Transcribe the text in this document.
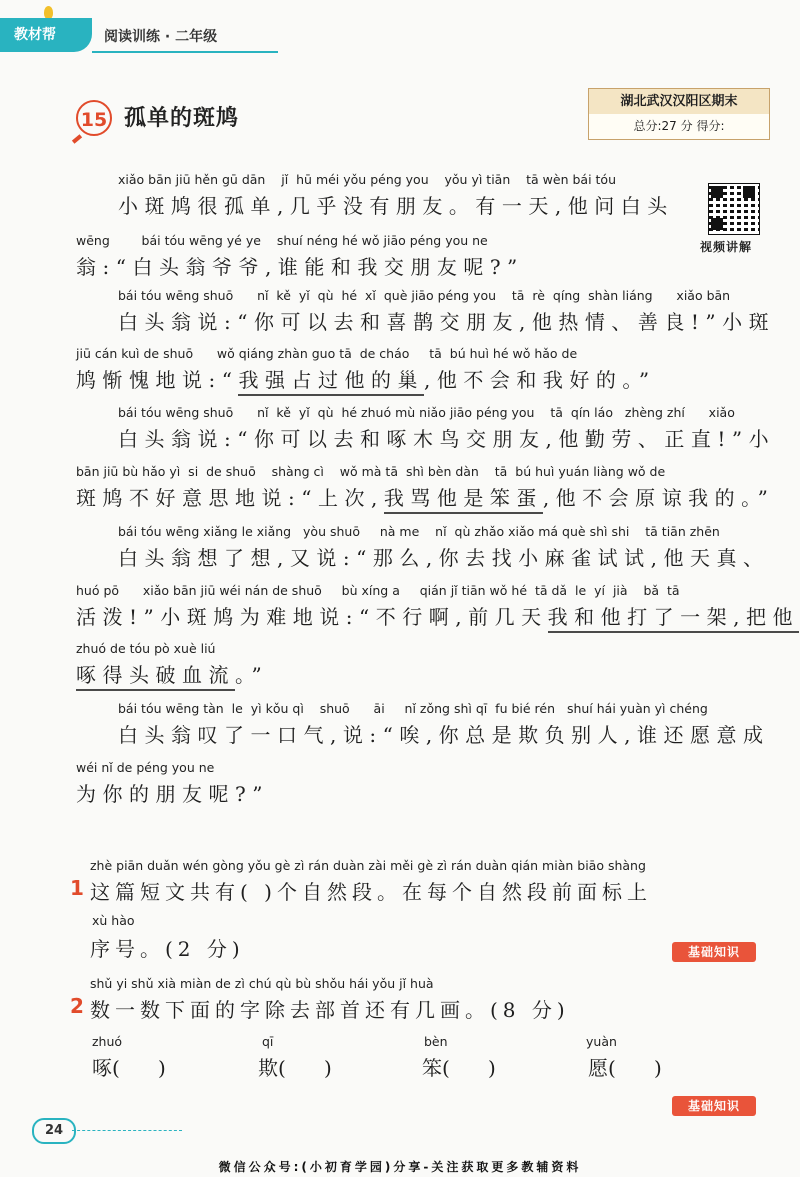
教材帮	阅读训练 · 二年级
15 孤单的斑鸠
湖北武汉汉阳区期末
总分:27 分 得分:
视频讲解
xiǎo bān jiū hěn gū dān    jǐ  hū méi yǒu péng you    yǒu yì tiān    tā wèn bái tóu
小斑鸠很孤单,几乎没有朋友。有一天,他问白头
wēng        bái tóu wēng yé ye    shuí néng hé wǒ jiāo péng you ne
翁:“白头翁爷爷,谁能和我交朋友呢?”
bái tóu wēng shuō      nǐ  kě  yǐ  qù  hé  xǐ  què jiāo péng you    tā  rè  qíng  shàn liáng      xiǎo bān
白头翁说:“你可以去和喜鹊交朋友,他热情、善良!”小斑
jiū cán kuì de shuō      wǒ qiáng zhàn guo tā  de cháo     tā  bú huì hé wǒ hǎo de
鸠惭愧地说:“我强占过他的巢,他不会和我好的。”
bái tóu wēng shuō      nǐ  kě  yǐ  qù  hé zhuó mù niǎo jiāo péng you    tā  qín láo   zhèng zhí      xiǎo
白头翁说:“你可以去和啄木鸟交朋友,他勤劳、正直!”小
bān jiū bù hǎo yì  si  de shuō    shàng cì    wǒ mà tā  shì bèn dàn    tā  bú huì yuán liàng wǒ de
斑鸠不好意思地说:“上次,我骂他是笨蛋,他不会原谅我的。”
bái tóu wēng xiǎng le xiǎng   yòu shuō     nà me    nǐ  qù zhǎo xiǎo má què shì shi    tā tiān zhēn
白头翁想了想,又说:“那么,你去找小麻雀试试,他天真、
huó pō      xiǎo bān jiū wéi nán de shuō     bù xíng a     qián jǐ tiān wǒ hé  tā dǎ  le  yí  jià    bǎ  tā
活泼!”小斑鸠为难地说:“不行啊,前几天我和他打了一架,把他
zhuó de tóu pò xuè liú
啄得头破血流。”
bái tóu wēng tàn  le  yì kǒu qì    shuō      āi     nǐ zǒng shì qī  fu bié rén   shuí hái yuàn yì chéng
白头翁叹了一口气,说:“唉,你总是欺负别人,谁还愿意成
wéi nǐ de péng you ne
为你的朋友呢?”
zhè piān duǎn wén gòng yǒu gè zì rán duàn zài měi gè zì rán duàn qián miàn biāo shàng
1 这篇短文共有( )个自然段。在每个自然段前面标上
xù hào
序号。(2 分)	基础知识
shǔ yi shǔ xià miàn de zì chú qù bù shǒu hái yǒu jǐ huà
2 数一数下面的字除去部首还有几画。(8 分)
zhuó
啄(      )
qī
欺(      )
bèn
笨(      )
yuàn
愿(      )
基础知识
24
微信公众号:(小初育学园)分享-关注获取更多教辅资料
